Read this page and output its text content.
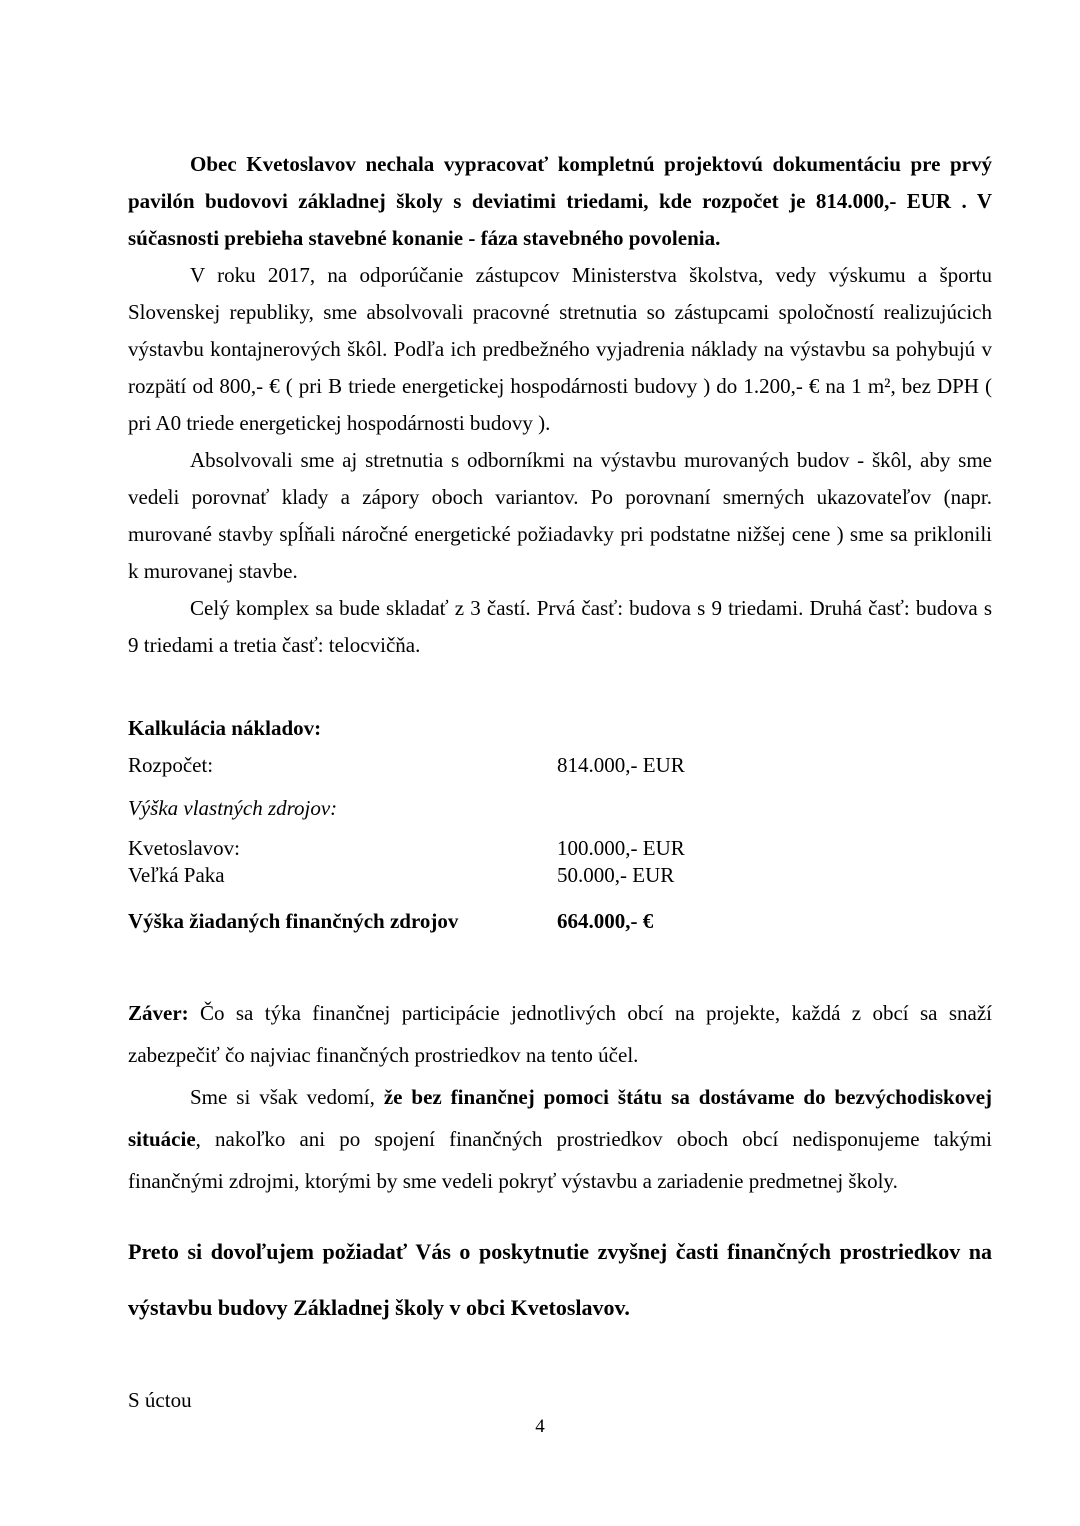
Obec Kvetoslavov nechala vypracovať kompletnú projektovú dokumentáciu pre prvý pavilón budovovi základnej školy s deviatimi triedami, kde rozpočet je 814.000,- EUR . V súčasnosti prebieha stavebné konanie - fáza stavebného povolenia.

V roku 2017, na odporúčanie zástupcov Ministerstva školstva, vedy výskumu a športu Slovenskej republiky, sme absolvovali pracovné stretnutia so zástupcami spoločností realizujúcich výstavbu kontajnerových škôl. Podľa ich predbežného vyjadrenia náklady na výstavbu sa pohybujú v rozpätí od 800,- € ( pri B triede energetickej hospodárnosti budovy ) do 1.200,- € na 1 m², bez DPH ( pri A0 triede energetickej hospodárnosti budovy ).

Absolvovali sme aj stretnutia s odborníkmi na výstavbu murovaných budov - škôl, aby sme vedeli porovnať klady a zápory oboch variantov. Po porovnaní smerných ukazovateľov (napr. murované stavby spĺňali náročné energetické požiadavky pri podstatne nižšej cene ) sme sa priklonili k murovanej stavbe.

Celý komplex sa bude skladať z 3 častí. Prvá časť: budova s 9 triedami. Druhá časť: budova s 9 triedami a tretia časť: telocvičňa.

Kalkulácia nákladov:
Rozpočet:	814.000,- EUR
Výška vlastných zdrojov:
Kvetoslavov:	100.000,- EUR
Veľká Paka	50.000,- EUR
Výška žiadaných finančných zdrojov	664.000,- €

Záver: Čo sa týka finančnej participácie jednotlivých obcí na projekte, každá z obcí sa snaží zabezpečiť čo najviac finančných prostriedkov na tento účel.

Sme si však vedomí, že bez finančnej pomoci štátu sa dostávame do bezvýchodiskovej situácie, nakoľko ani po spojení finančných prostriedkov oboch obcí nedisponujeme takými finančnými zdrojmi, ktorými by sme vedeli pokryť výstavbu a zariadenie predmetnej školy.

Preto si dovoľujem požiadať Vás o poskytnutie zvyšnej časti finančných prostriedkov na výstavbu budovy Základnej školy v obci Kvetoslavov.
S úctou
4
